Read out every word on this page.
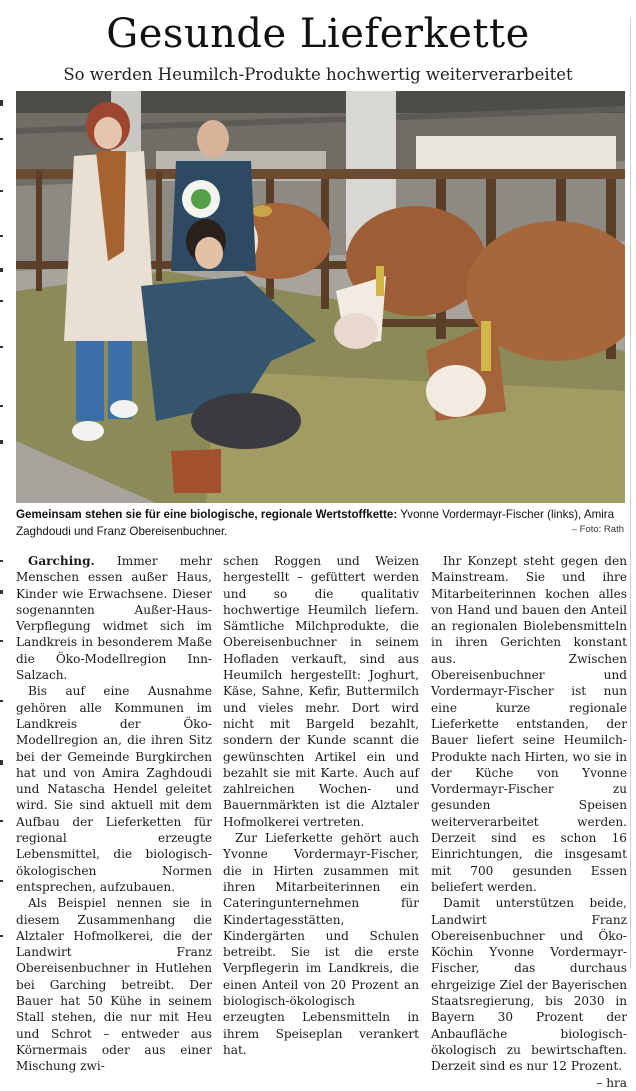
Gesunde Lieferkette
So werden Heumilch-Produkte hochwertig weiterverarbeitet
Gemeinsam stehen sie für eine biologische, regionale Wertstoffkette: Yvonne Vordermayr-Fischer (links), Amira Zaghdoudi und Franz Obereisenbuchner.	– Foto: Rath

Garching. Immer mehr Menschen essen außer Haus, Kinder wie Erwachsene. Dieser sogenannten Außer-Haus-Verpflegung widmet sich im Landkreis in besonderem Maße die Öko-Modellregion Inn-Salzach.

Bis auf eine Ausnahme gehören alle Kommunen im Landkreis der Öko-Modellregion an, die ihren Sitz bei der Gemeinde Burgkirchen hat und von Amira Zaghdoudi und Natascha Hendel geleitet wird. Sie sind aktuell mit dem Aufbau der Lieferketten für regional erzeugte Lebensmittel, die biologisch-ökologischen Normen entsprechen, aufzubauen.

Als Beispiel nennen sie in diesem Zusammenhang die Alztaler Hofmolkerei, die der Landwirt Franz Obereisenbuchner in Hutlehen bei Garching betreibt. Der Bauer hat 50 Kühe in seinem Stall stehen, die nur mit Heu und Schrot – entweder aus Körnermais oder aus einer Mischung zwi-

schen Roggen und Weizen hergestellt – gefüttert werden und so die qualitativ hochwertige Heumilch liefern. Sämtliche Milchprodukte, die Obereisenbuchner in seinem Hofladen verkauft, sind aus Heumilch hergestellt: Joghurt, Käse, Sahne, Kefir, Buttermilch und vieles mehr. Dort wird nicht mit Bargeld bezahlt, sondern der Kunde scannt die gewünschten Artikel ein und bezahlt sie mit Karte. Auch auf zahlreichen Wochen- und Bauernmärkten ist die Alztaler Hofmolkerei vertreten.

Zur Lieferkette gehört auch Yvonne Vordermayr-Fischer, die in Hirten zusammen mit ihren Mitarbeiterinnen ein Cateringunternehmen für Kindertagesstätten, Kindergärten und Schulen betreibt. Sie ist die erste Verpflegerin im Landkreis, die einen Anteil von 20 Prozent an biologisch-ökologisch erzeugten Lebensmitteln in ihrem Speiseplan verankert hat.

Ihr Konzept steht gegen den Mainstream. Sie und ihre Mitarbeiterinnen kochen alles von Hand und bauen den Anteil an regionalen Biolebensmitteln in ihren Gerichten konstant aus. Zwischen Obereisenbuchner und Vordermayr-Fischer ist nun eine kurze regionale Lieferkette entstanden, der Bauer liefert seine Heumilch-Produkte nach Hirten, wo sie in der Küche von Yvonne Vordermayr-Fischer zu gesunden Speisen weiterverarbeitet werden. Derzeit sind es schon 16 Einrichtungen, die insgesamt mit 700 gesunden Essen beliefert werden.

Damit unterstützen beide, Landwirt Franz Obereisenbuchner und Öko-Köchin Yvonne Vordermayr-Fischer, das durchaus ehrgeizige Ziel der Bayerischen Staatsregierung, bis 2030 in Bayern 30 Prozent der Anbaufläche biologisch-ökologisch zu bewirtschaften. Derzeit sind es nur 12 Prozent.
– hra
